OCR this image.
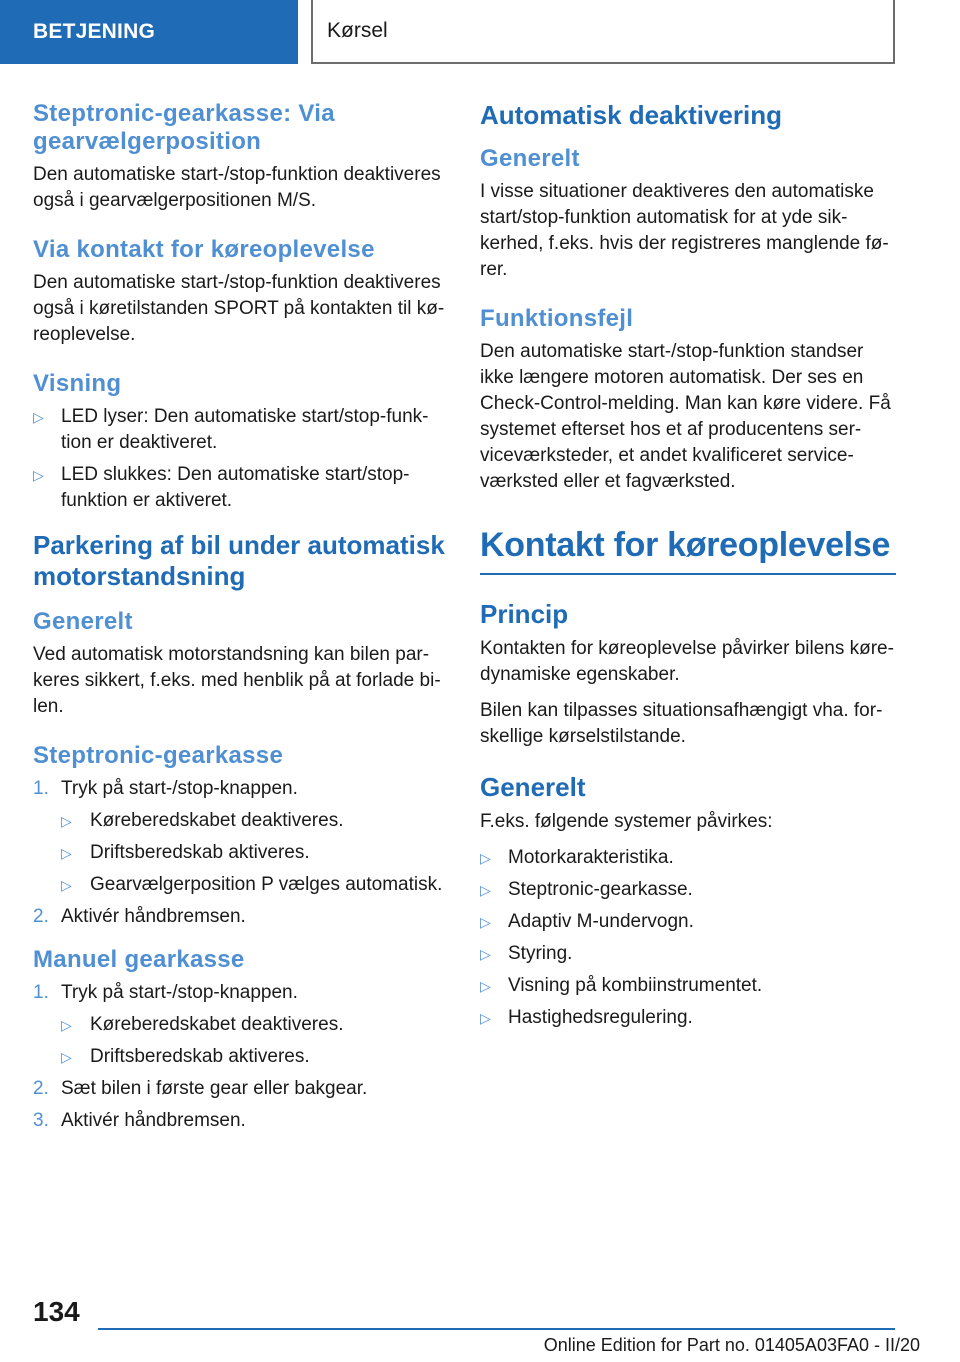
BETJENING	Kørsel
Steptronic-gearkasse: Via gearvælgerposition

Den automatiske start-/stop-funktion deaktiveres også i gearvælgerpositionen M/S.

Via kontakt for køreoplevelse

Den automatiske start-/stop-funktion deaktiveres også i køretilstanden SPORT på kontakten til køreoplevelse.

Visning
▷ LED lyser: Den automatiske start/stop-funktion er deaktiveret.
▷ LED slukkes: Den automatiske start/stop-funktion er aktiveret.
Parkering af bil under automatisk motorstandsning
Generelt

Ved automatisk motorstandsning kan bilen parkeres sikkert, f.eks. med henblik på at forlade bilen.

Steptronic-gearkasse
1. Tryk på start-/stop-knappen.
▷ Køreberedskabet deaktiveres.
▷ Driftsberedskab aktiveres.
▷ Gearvælgerposition P vælges automatisk.
2. Aktivér håndbremsen.
Manuel gearkasse
1. Tryk på start-/stop-knappen.
▷ Køreberedskabet deaktiveres.
▷ Driftsberedskab aktiveres.
2. Sæt bilen i første gear eller bakgear.
3. Aktivér håndbremsen.
Automatisk deaktivering
Generelt

I visse situationer deaktiveres den automatiske start/stop-funktion automatisk for at yde sikkerhed, f.eks. hvis der registreres manglende fører.

Funktionsfejl

Den automatiske start-/stop-funktion standser ikke længere motoren automatisk. Der ses en Check-Control-melding. Man kan køre videre. Få systemet efterset hos et af producentens serviceværksteder, et andet kvalificeret serviceværksted eller et fagværksted.

Kontakt for køreoplevelse
Princip

Kontakten for køreoplevelse påvirker bilens køredynamiske egenskaber.

Bilen kan tilpasses situationsafhængigt vha. forskellige kørselstilstande.

Generelt

F.eks. følgende systemer påvirkes:

▷ Motorkarakteristika.
▷ Steptronic-gearkasse.
▷ Adaptiv M-undervogn.
▷ Styring.
▷ Visning på kombiinstrumentet.
▷ Hastighedsregulering.
134
Online Edition for Part no. 01405A03FA0 - II/20
